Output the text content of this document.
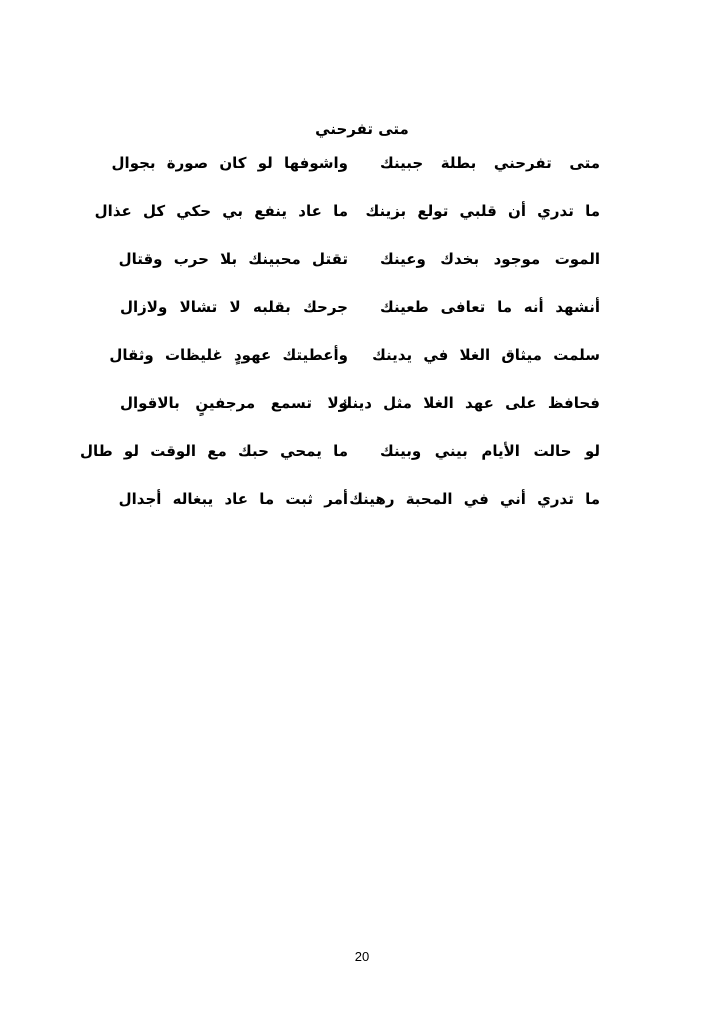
متى تفرحني
متى تفرحني بطلة جبينك
واشوفها لو كان صورة بجوال
ما تدري أن قلبي تولع بزينك
ما عاد ينفع بي حكي كل عذال
الموت موجود بخدك وعينك
تقتل محبينك بلا حرب وقتال
أنشهد أنه ما تعافى طعينك
جرحك بقلبه لا تشالا ولازال
سلمت ميثاق الغلا في يدينك
وأعطيتك عهودٍ غليظات وثقال
فحافظ على عهد الغلا مثل دينك
ولا تسمع مرجفينٍ بالاقوال
لو حالت الأيام بيني وبينك
ما يمحي حبك مع الوقت لو طال
ما تدري أني في المحبة رهينك
أمر ثبت ما عاد يبغاله أجدال
20
